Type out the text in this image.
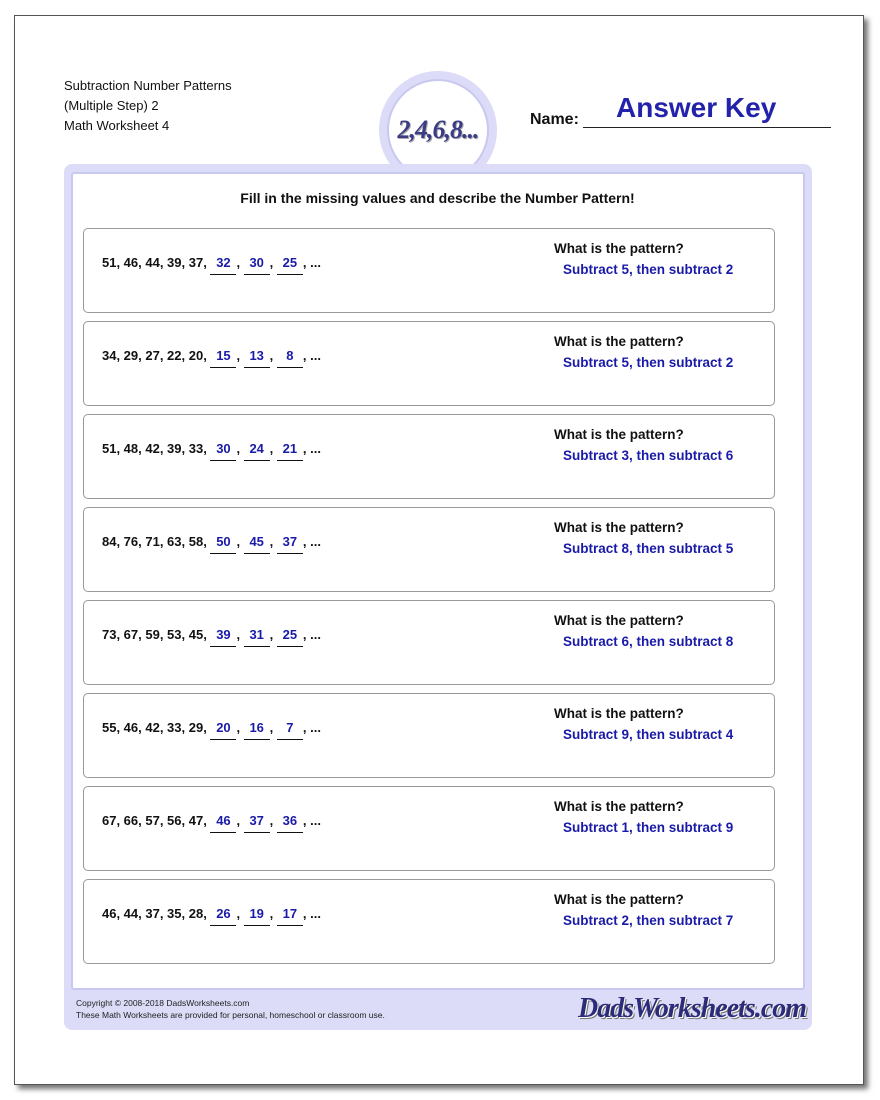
Subtraction Number Patterns
(Multiple Step) 2
Math Worksheet 4	2,4,6,8...	Name: Answer Key
Fill in the missing values and describe the Number Pattern!
51, 46, 44, 39, 37, 32 , 30 , 25 , ...
What is the pattern?
Subtract 5, then subtract 2
34, 29, 27, 22, 20, 15 , 13 , 8 , ...
What is the pattern?
Subtract 5, then subtract 2
51, 48, 42, 39, 33, 30 , 24 , 21 , ...
What is the pattern?
Subtract 3, then subtract 6
84, 76, 71, 63, 58, 50 , 45 , 37 , ...
What is the pattern?
Subtract 8, then subtract 5
73, 67, 59, 53, 45, 39 , 31 , 25 , ...
What is the pattern?
Subtract 6, then subtract 8
55, 46, 42, 33, 29, 20 , 16 , 7 , ...
What is the pattern?
Subtract 9, then subtract 4
67, 66, 57, 56, 47, 46 , 37 , 36 , ...
What is the pattern?
Subtract 1, then subtract 9
46, 44, 37, 35, 28, 26 , 19 , 17 , ...
What is the pattern?
Subtract 2, then subtract 7
Copyright © 2008-2018 DadsWorksheets.com
These Math Worksheets are provided for personal, homeschool or classroom use.	DadsWorksheets.com
